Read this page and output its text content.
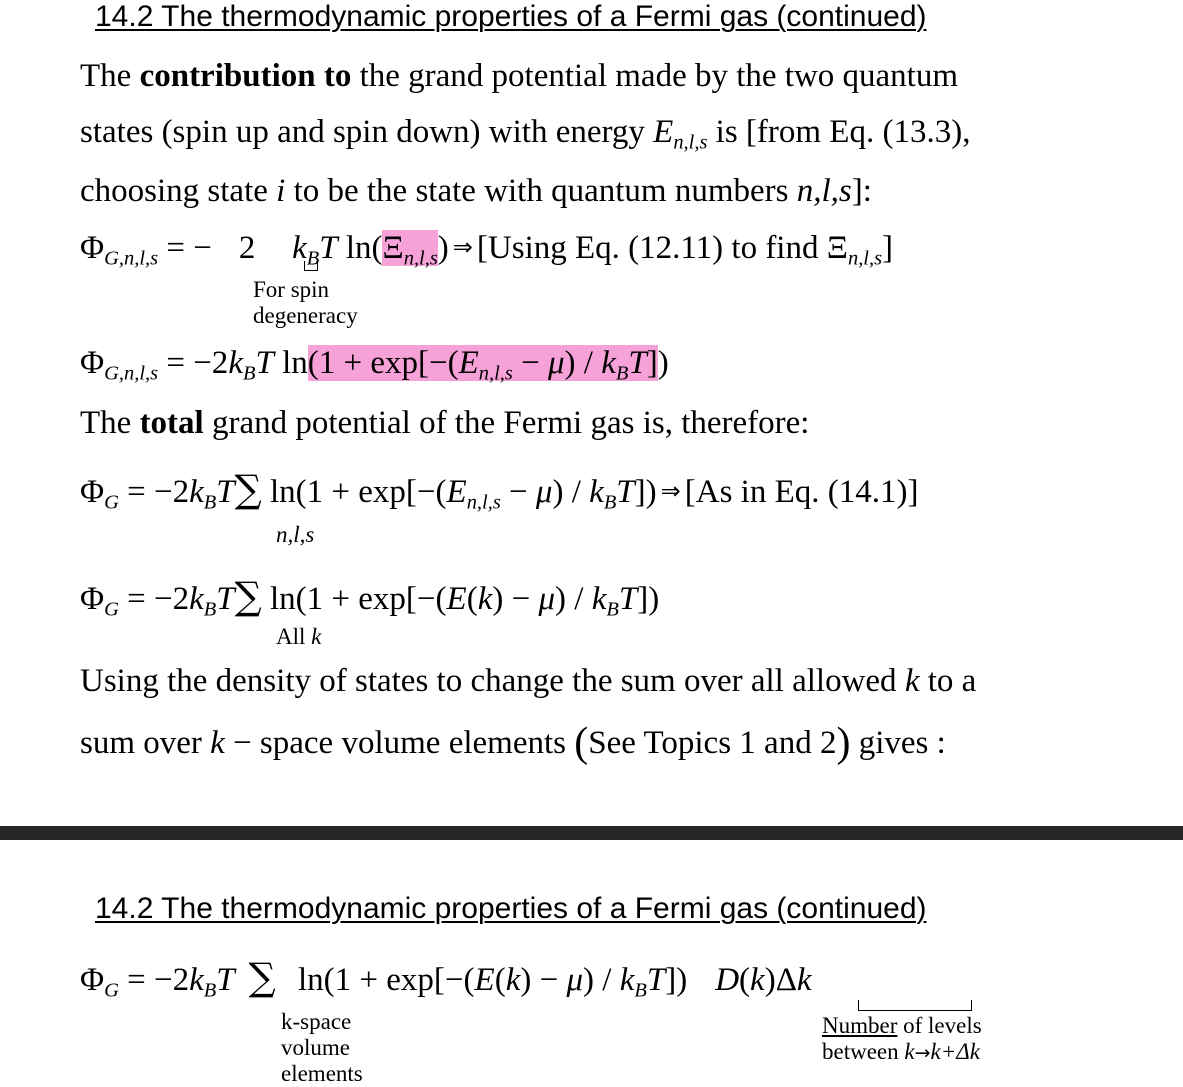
14.2 The thermodynamic properties of a Fermi gas (continued)
The contribution to the grand potential made by the two quantum
states (spin up and spin down) with energy $E_{n,l,s}$ is [from Eq. (13.3),
choosing state i to be the state with quantum numbers n,l,s]:
$\Phi_{G,n,l,s}$ = − 2 $k_BT$ $\ln(\Xi_{n,l,s})$ ⇒ [Using Eq. (12.11) to find $\Xi_{n,l,s}$]
For spin
degeneracy
$\Phi_{G,n,l,s} = -2k_BT$ $\ln(1 + \exp[-(E_{n,l,s} - \mu) / k_BT])$
The total grand potential of the Fermi gas is, therefore:
$\Phi_G = -2k_BT\sum$ $\ln(1 + \exp[-(E_{n,l,s} - \mu) / k_BT])$ ⇒ [As in Eq. (14.1)]
n,l,s
$\Phi_G = -2k_BT\sum$ $\ln(1 + \exp[-(E(k) - \mu) / k_BT])$
All k
Using the density of states to change the sum over all allowed k to a
sum over k − space volume elements (See Topics 1 and 2) gives :
14.2 The thermodynamic properties of a Fermi gas (continued)
$\Phi_G = -2k_BT$ ∑ $\ln(1 + \exp[-(E(k) - \mu) / k_BT])$ D(k)Δk
k-space
volume
elements
Number of levels
between k→k+Δk
